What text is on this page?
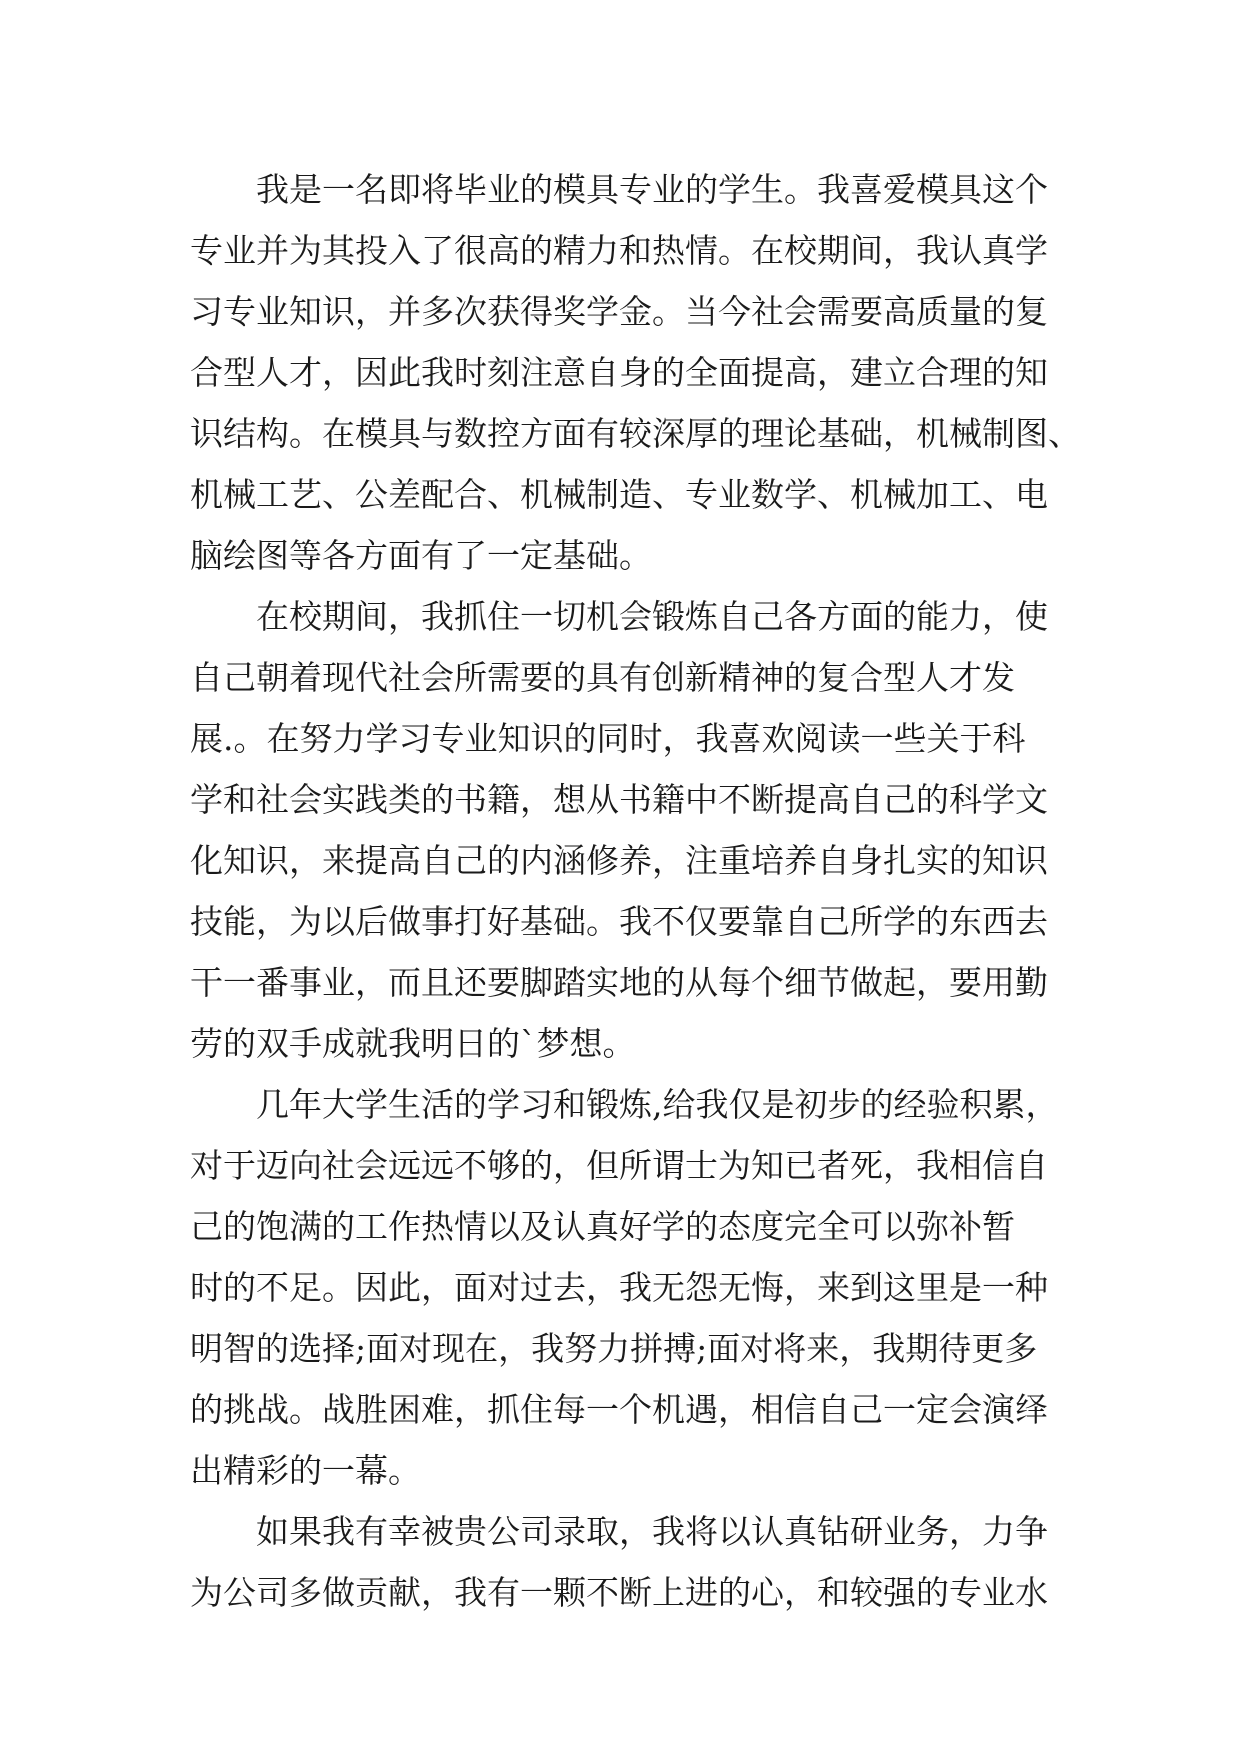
我是一名即将毕业的模具专业的学生。我喜爱模具这个
专业并为其投入了很高的精力和热情。在校期间，我认真学
习专业知识，并多次获得奖学金。当今社会需要高质量的复
合型人才，因此我时刻注意自身的全面提高，建立合理的知
识结构。在模具与数控方面有较深厚的理论基础，机械制图、
机械工艺、公差配合、机械制造、专业数学、机械加工、电
脑绘图等各方面有了一定基础。
在校期间，我抓住一切机会锻炼自己各方面的能力，使
自己朝着现代社会所需要的具有创新精神的复合型人才发
展.。在努力学习专业知识的同时，我喜欢阅读一些关于科
学和社会实践类的书籍，想从书籍中不断提高自己的科学文
化知识，来提高自己的内涵修养，注重培养自身扎实的知识
技能，为以后做事打好基础。我不仅要靠自己所学的东西去
干一番事业，而且还要脚踏实地的从每个细节做起，要用勤
劳的双手成就我明日的`梦想。
几年大学生活的学习和锻炼,给我仅是初步的经验积累，
对于迈向社会远远不够的，但所谓士为知已者死，我相信自
己的饱满的工作热情以及认真好学的态度完全可以弥补暂
时的不足。因此，面对过去，我无怨无悔，来到这里是一种
明智的选择;面对现在，我努力拼搏;面对将来，我期待更多
的挑战。战胜困难，抓住每一个机遇，相信自己一定会演绎
出精彩的一幕。
如果我有幸被贵公司录取，我将以认真钻研业务，力争
为公司多做贡献，我有一颗不断上进的心，和较强的专业水
